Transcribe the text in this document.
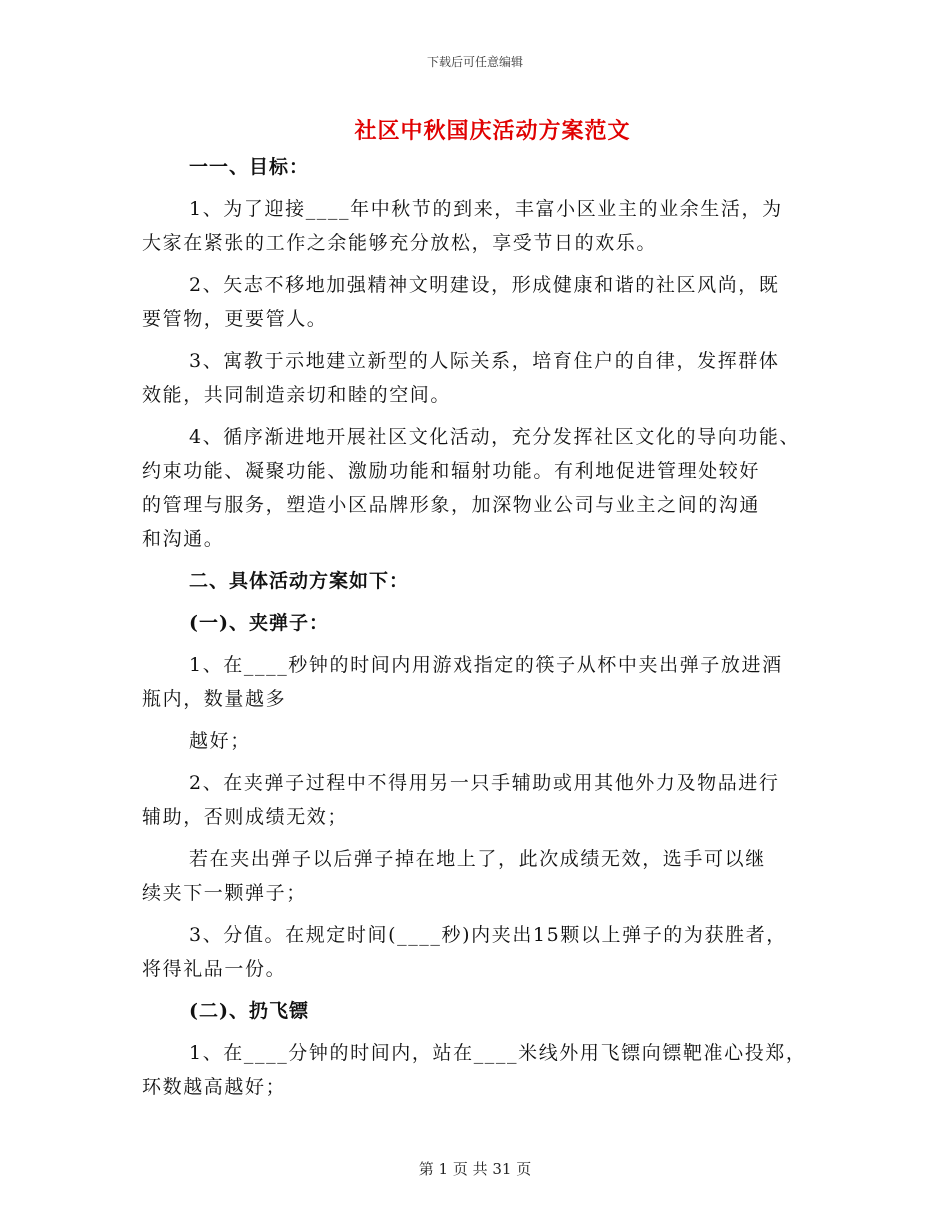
下载后可任意编辑
社区中秋国庆活动方案范文
一一、目标：
1、为了迎接____年中秋节的到来，丰富小区业主的业余生活，为
大家在紧张的工作之余能够充分放松，享受节日的欢乐。
2、矢志不移地加强精神文明建设，形成健康和谐的社区风尚，既
要管物，更要管人。
3、寓教于示地建立新型的人际关系，培育住户的自律，发挥群体
效能，共同制造亲切和睦的空间。
4、循序渐进地开展社区文化活动，充分发挥社区文化的导向功能、
约束功能、凝聚功能、激励功能和辐射功能。有利地促进管理处较好
的管理与服务，塑造小区品牌形象，加深物业公司与业主之间的沟通
和沟通。
二、具体活动方案如下：
(一)、夹弹子：
1、在____秒钟的时间内用游戏指定的筷子从杯中夹出弹子放进酒
瓶内，数量越多
越好；
2、在夹弹子过程中不得用另一只手辅助或用其他外力及物品进行
辅助，否则成绩无效；
若在夹出弹子以后弹子掉在地上了，此次成绩无效，选手可以继
续夹下一颗弹子；
3、分值。在规定时间(____秒)内夹出15颗以上弹子的为获胜者，
将得礼品一份。
(二)、扔飞镖
1、在____分钟的时间内，站在____米线外用飞镖向镖靶准心投郑，
环数越高越好；
第 1 页 共 31 页
